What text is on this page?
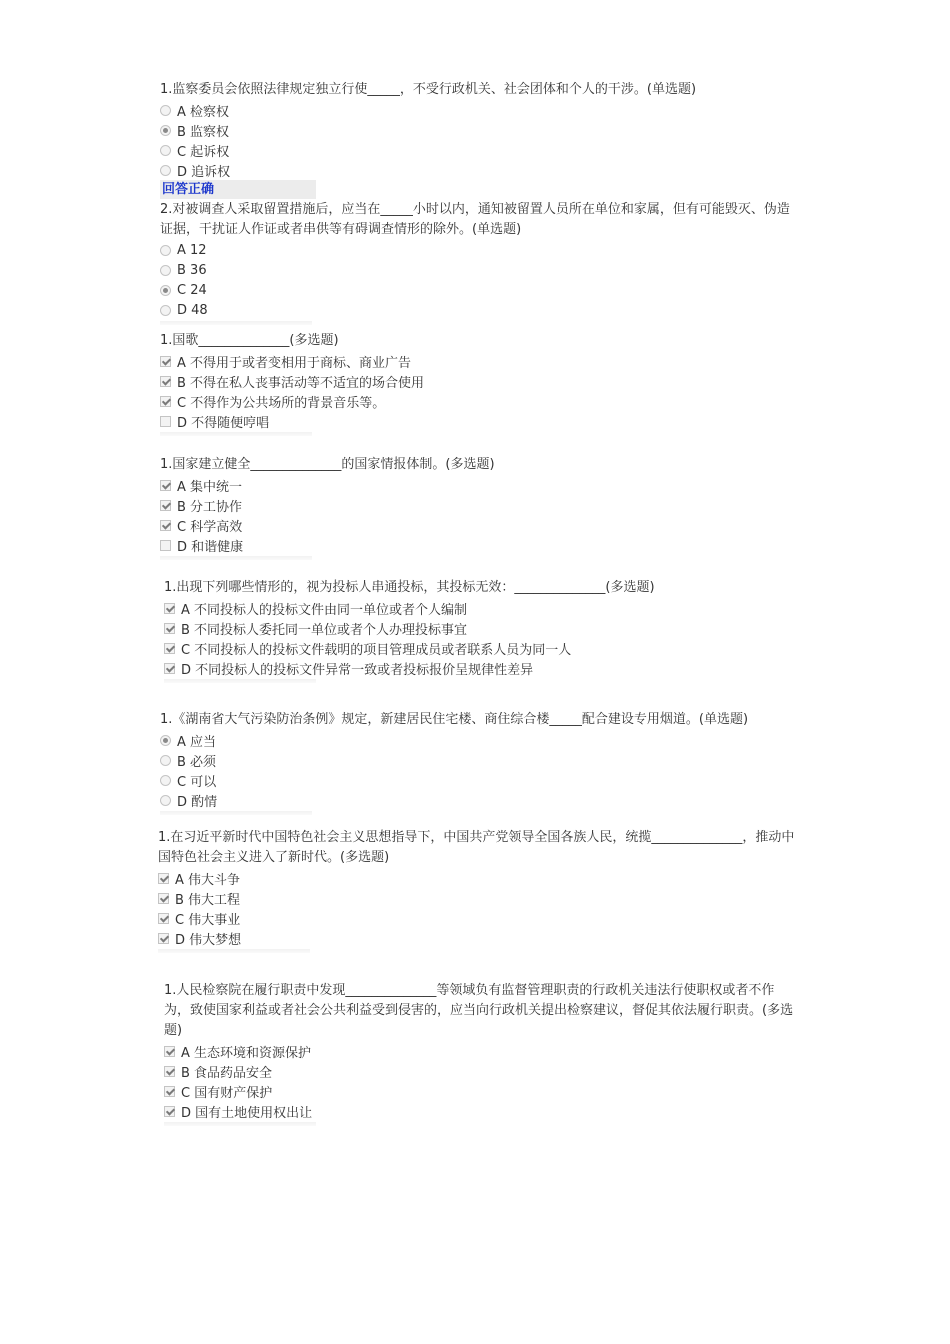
1.监察委员会依照法律规定独立行使_____，不受行政机关、社会团体和个人的干涉。(单选题)
A 检察权
B 监察权
C 起诉权
D 追诉权
回答正确
2.对被调查人采取留置措施后，应当在_____小时以内，通知被留置人员所在单位和家属，但有可能毁灭、伪造证据，干扰证人作证或者串供等有碍调查情形的除外。(单选题)
A 12
B 36
C 24
D 48
1.国歌______________(多选题)
A 不得用于或者变相用于商标、商业广告
B 不得在私人丧事活动等不适宜的场合使用
C 不得作为公共场所的背景音乐等。
D 不得随便哼唱
1.国家建立健全______________的国家情报体制。(多选题)
A 集中统一
B 分工协作
C 科学高效
D 和谐健康
1.出现下列哪些情形的，视为投标人串通投标，其投标无效：______________(多选题)
A 不同投标人的投标文件由同一单位或者个人编制
B 不同投标人委托同一单位或者个人办理投标事宜
C 不同投标人的投标文件载明的项目管理成员或者联系人员为同一人
D 不同投标人的投标文件异常一致或者投标报价呈规律性差异
1.《湖南省大气污染防治条例》规定，新建居民住宅楼、商住综合楼_____配合建设专用烟道。(单选题)
A 应当
B 必须
C 可以
D 酌情
1.在习近平新时代中国特色社会主义思想指导下，中国共产党领导全国各族人民，统揽______________，推动中国特色社会主义进入了新时代。(多选题)
A 伟大斗争
B 伟大工程
C 伟大事业
D 伟大梦想
1.人民检察院在履行职责中发现______________等领域负有监督管理职责的行政机关违法行使职权或者不作为，致使国家利益或者社会公共利益受到侵害的，应当向行政机关提出检察建议，督促其依法履行职责。(多选题)
A 生态环境和资源保护
B 食品药品安全
C 国有财产保护
D 国有土地使用权出让
